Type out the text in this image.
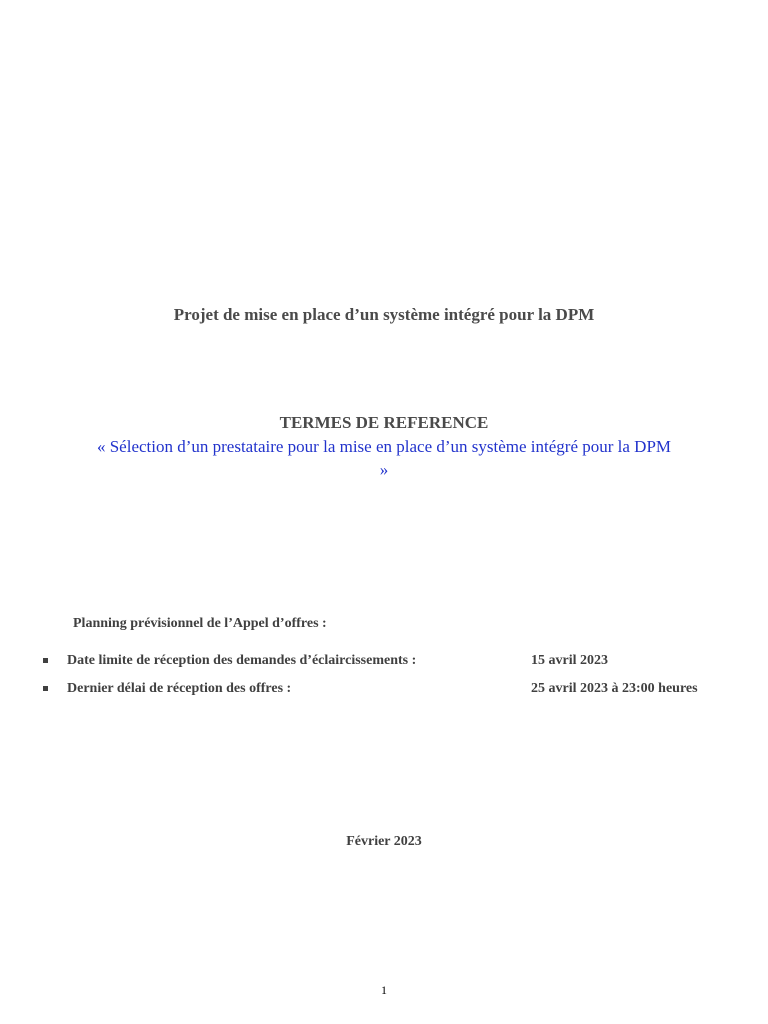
Projet de mise en place d’un système intégré pour la DPM
TERMES DE REFERENCE
« Sélection d’un prestataire pour la mise en place d’un système intégré pour la DPM »
Planning prévisionnel de l’Appel d’offres :
Date limite de réception des demandes d’éclaircissements :	15 avril 2023
Dernier délai de réception des offres :	25 avril 2023 à 23:00 heures
Février 2023
1
